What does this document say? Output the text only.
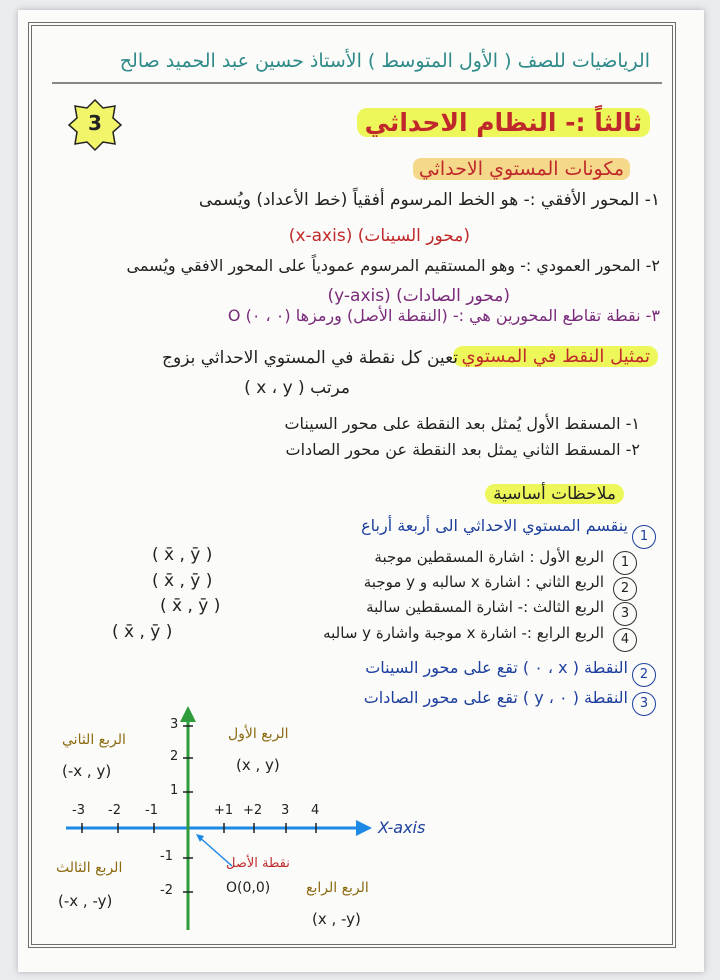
الرياضيات للصف ( الأول المتوسط ) الأستاذ حسين عبد الحميد صالح
3	ثالثاً :- النظام الاحداثي
مكونات المستوي الاحداثي
١- المحور الأفقي :- هو الخط المرسوم أفقياً (خط الأعداد) ويُسمى
(محور السينات) (x-axis)
٢- المحور العمودي :- وهو المستقيم المرسوم عمودياً على المحور الافقي ويُسمى
(محور الصادات) (y-axis)
٣- نقطة تقاطع المحورين هي :- (النقطة الأصل) ورمزها (٠ ، ٠) O
تمثيل النقط في المستوي
تعين كل نقطة في المستوي الاحداثي بزوج
مرتب ( x ، y )
١- المسقط الأول يُمثل بعد النقطة على محور السينات
٢- المسقط الثاني يمثل بعد النقطة عن محور الصادات
ملاحظات أساسية
1
ينقسم المستوي الاحداثي الى أربعة أرباع
1
الربع الأول : اشارة المسقطين موجبة
( x̄ , ȳ )
2
الربع الثاني : اشارة x سالبه و y موجبة
( x̄ , ȳ )
3
الربع الثالث :- اشارة المسقطين سالبة
( x̄ , ȳ )
4
الربع الرابع :- اشارة x موجبة واشارة y سالبه
( x̄ , ȳ )
2
النقطة ( x ، ٠ ) تقع على محور السينات
3
النقطة ( ٠ ، y ) تقع على محور الصادات
-3 -2 -1	+1 +2 3 4
3
2
1
-1
-2
X-axis
الربع الأول
(x , y)
الربع الثاني
(-x , y)
الربع الثالث
(-x , -y)
الربع الرابع
(x , -y)
نقطة الأصل
O(0,0)
